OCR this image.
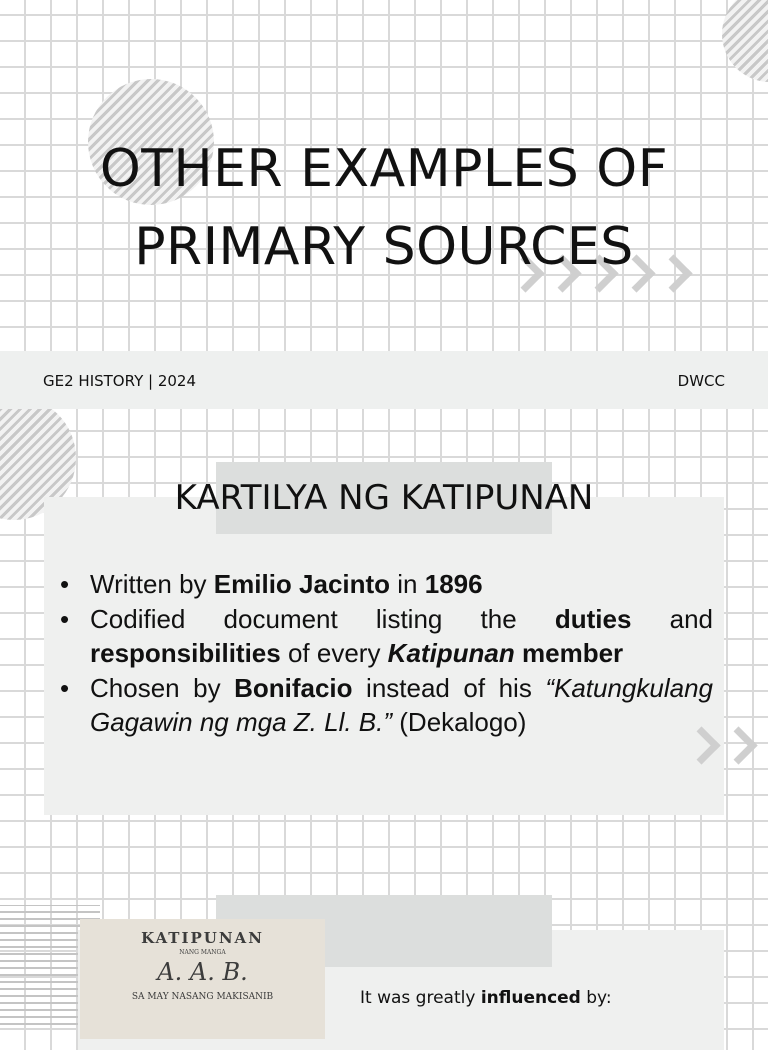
OTHER EXAMPLES OF
PRIMARY SOURCES
GE2 HISTORY | 2024	DWCC
KARTILYA NG KATIPUNAN
• Written by Emilio Jacinto in 1896
• Codified document listing the duties and responsibilities of every Katipunan member
• Chosen by Bonifacio instead of his “Katungkulang Gagawin ng mga Z. Ll. B.” (Dekalogo)
KATIPUNAN
NANG MANGA
A. A. B.
SA MAY NASANG MAKISANIB	It was greatly influenced by:
